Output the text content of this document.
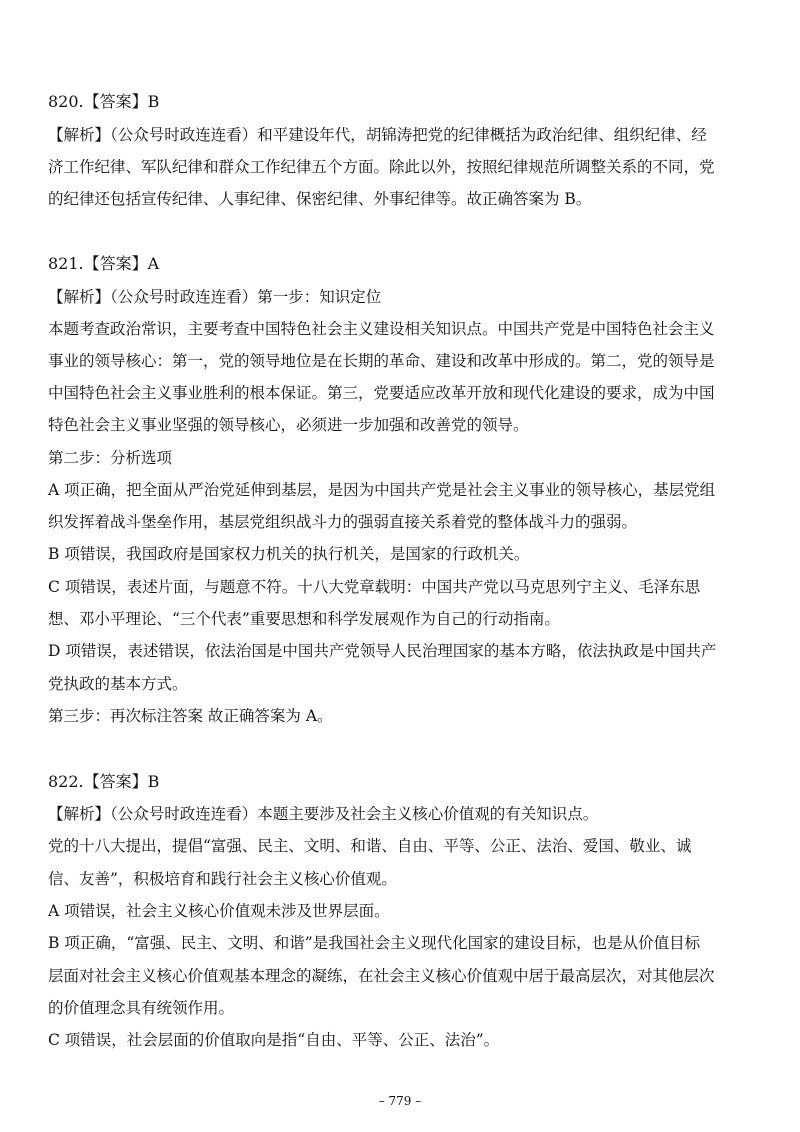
820.【答案】B
【解析】（公众号时政连连看）和平建设年代，胡锦涛把党的纪律概括为政治纪律、组织纪律、经
济工作纪律、军队纪律和群众工作纪律五个方面。除此以外，按照纪律规范所调整关系的不同，党
的纪律还包括宣传纪律、人事纪律、保密纪律、外事纪律等。故正确答案为 B。
821.【答案】A
【解析】（公众号时政连连看）第一步：知识定位
本题考查政治常识，主要考查中国特色社会主义建设相关知识点。中国共产党是中国特色社会主义
事业的领导核心：第一，党的领导地位是在长期的革命、建设和改革中形成的。第二，党的领导是
中国特色社会主义事业胜利的根本保证。第三，党要适应改革开放和现代化建设的要求，成为中国
特色社会主义事业坚强的领导核心，必须进一步加强和改善党的领导。
第二步：分析选项
A 项正确，把全面从严治党延伸到基层，是因为中国共产党是社会主义事业的领导核心，基层党组
织发挥着战斗堡垒作用，基层党组织战斗力的强弱直接关系着党的整体战斗力的强弱。
B 项错误，我国政府是国家权力机关的执行机关，是国家的行政机关。
C 项错误，表述片面，与题意不符。十八大党章载明：中国共产党以马克思列宁主义、毛泽东思
想、邓小平理论、“三个代表”重要思想和科学发展观作为自己的行动指南。
D 项错误，表述错误，依法治国是中国共产党领导人民治理国家的基本方略，依法执政是中国共产
党执政的基本方式。
第三步：再次标注答案 故正确答案为 A。
822.【答案】B
【解析】（公众号时政连连看）本题主要涉及社会主义核心价值观的有关知识点。
党的十八大提出，提倡“富强、民主、文明、和谐、自由、平等、公正、法治、爱国、敬业、诚
信、友善”，积极培育和践行社会主义核心价值观。
A 项错误，社会主义核心价值观未涉及世界层面。
B 项正确，“富强、民主、文明、和谐”是我国社会主义现代化国家的建设目标，也是从价值目标
层面对社会主义核心价值观基本理念的凝练，在社会主义核心价值观中居于最高层次，对其他层次
的价值理念具有统领作用。
C 项错误，社会层面的价值取向是指“自由、平等、公正、法治”。
– 779 –
